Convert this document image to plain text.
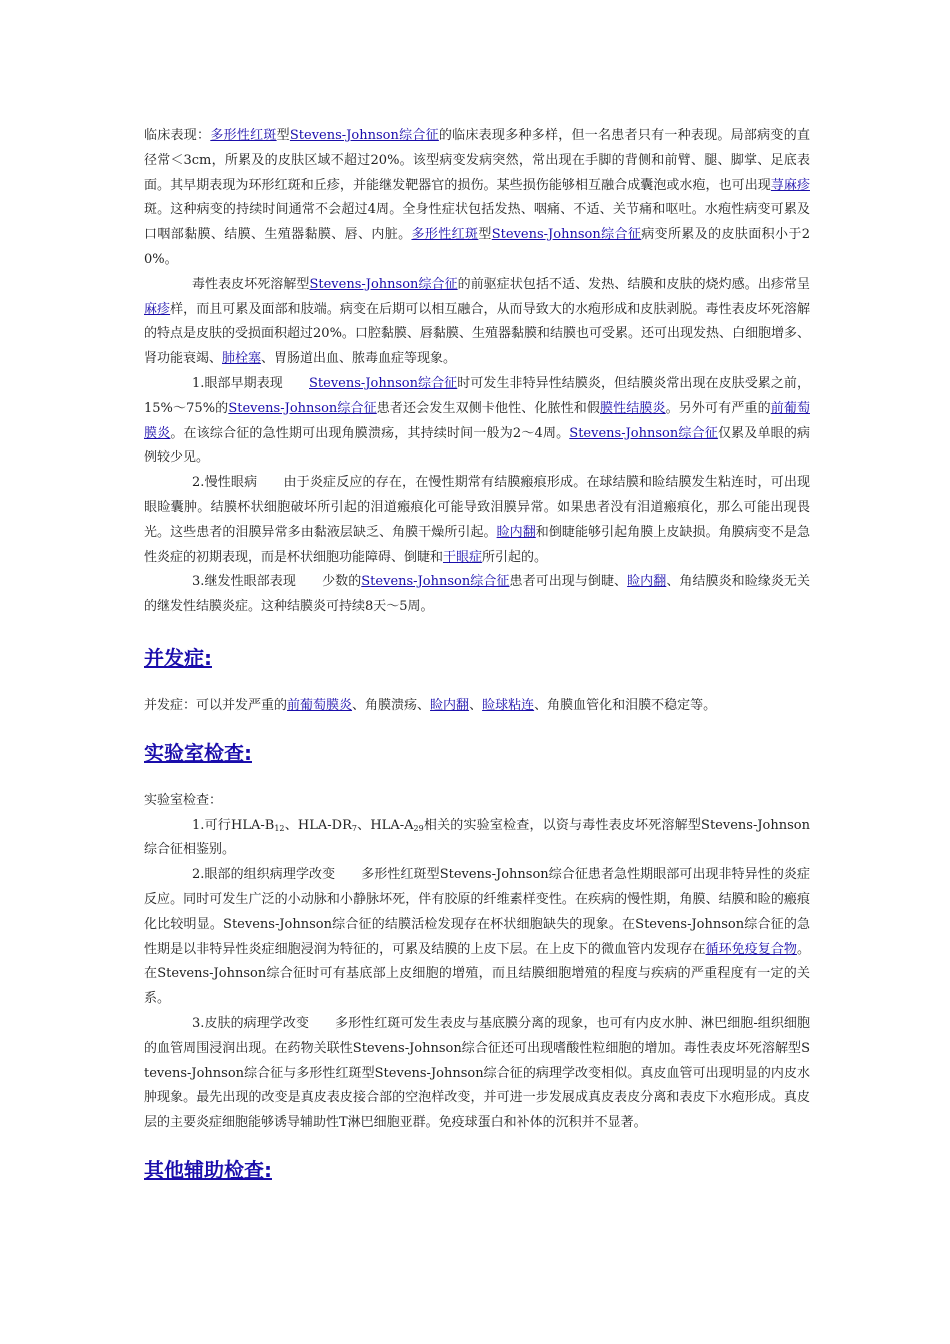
临床表现：多形性红斑型Stevens-Johnson综合征的临床表现多种多样，但一名患者只有一种表现。局部病变的直径常＜3cm，所累及的皮肤区域不超过20%。该型病变发病突然，常出现在手脚的背侧和前臂、腿、脚掌、足底表面。其早期表现为环形红斑和丘疹，并能继发靶器官的损伤。某些损伤能够相互融合成囊泡或水疱，也可出现荨麻疹斑。这种病变的持续时间通常不会超过4周。全身性症状包括发热、咽痛、不适、关节痛和呕吐。水疱性病变可累及口咽部黏膜、结膜、生殖器黏膜、唇、内脏。多形性红斑型Stevens-Johnson综合征病变所累及的皮肤面积小于20%。

毒性表皮坏死溶解型Stevens-Johnson综合征的前驱症状包括不适、发热、结膜和皮肤的烧灼感。出疹常呈麻疹样，而且可累及面部和肢端。病变在后期可以相互融合，从而导致大的水疱形成和皮肤剥脱。毒性表皮坏死溶解的特点是皮肤的受损面积超过20%。口腔黏膜、唇黏膜、生殖器黏膜和结膜也可受累。还可出现发热、白细胞增多、肾功能衰竭、肺栓塞、胃肠道出血、脓毒血症等现象。

1.眼部早期表现　　Stevens-Johnson综合征时可发生非特异性结膜炎，但结膜炎常出现在皮肤受累之前，15%～75%的Stevens-Johnson综合征患者还会发生双侧卡他性、化脓性和假膜性结膜炎。另外可有严重的前葡萄膜炎。在该综合征的急性期可出现角膜溃疡，其持续时间一般为2～4周。Stevens-Johnson综合征仅累及单眼的病例较少见。

2.慢性眼病　　由于炎症反应的存在，在慢性期常有结膜瘢痕形成。在球结膜和睑结膜发生粘连时，可出现眼睑囊肿。结膜杯状细胞破坏所引起的泪道瘢痕化可能导致泪膜异常。如果患者没有泪道瘢痕化，那么可能出现畏光。这些患者的泪膜异常多由黏液层缺乏、角膜干燥所引起。睑内翻和倒睫能够引起角膜上皮缺损。角膜病变不是急性炎症的初期表现，而是杯状细胞功能障碍、倒睫和干眼症所引起的。

3.继发性眼部表现　　少数的Stevens-Johnson综合征患者可出现与倒睫、睑内翻、角结膜炎和睑缘炎无关的继发性结膜炎症。这种结膜炎可持续8天～5周。

并发症:

并发症：可以并发严重的前葡萄膜炎、角膜溃疡、睑内翻、睑球粘连、角膜血管化和泪膜不稳定等。

实验室检查:

实验室检查：

1.可行HLA-$B_{12}$、HLA-$DR_7$、HLA-$A_{29}$相关的实验室检查，以资与毒性表皮坏死溶解型Stevens-Johnson综合征相鉴别。

2.眼部的组织病理学改变　　多形性红斑型Stevens-Johnson综合征患者急性期眼部可出现非特异性的炎症反应。同时可发生广泛的小动脉和小静脉坏死，伴有胶原的纤维素样变性。在疾病的慢性期，角膜、结膜和睑的瘢痕化比较明显。Stevens-Johnson综合征的结膜活检发现存在杯状细胞缺失的现象。在Stevens-Johnson综合征的急性期是以非特异性炎症细胞浸润为特征的，可累及结膜的上皮下层。在上皮下的微血管内发现存在循环免疫复合物。在Stevens-Johnson综合征时可有基底部上皮细胞的增殖，而且结膜细胞增殖的程度与疾病的严重程度有一定的关系。

3.皮肤的病理学改变　　多形性红斑可发生表皮与基底膜分离的现象，也可有内皮水肿、淋巴细胞-组织细胞的血管周围浸润出现。在药物关联性Stevens-Johnson综合征还可出现嗜酸性粒细胞的增加。毒性表皮坏死溶解型Stevens-Johnson综合征与多形性红斑型Stevens-Johnson综合征的病理学改变相似。真皮血管可出现明显的内皮水肿现象。最先出现的改变是真皮表皮接合部的空泡样改变，并可进一步发展成真皮表皮分离和表皮下水疱形成。真皮层的主要炎症细胞能够诱导辅助性T淋巴细胞亚群。免疫球蛋白和补体的沉积并不显著。

其他辅助检查:
